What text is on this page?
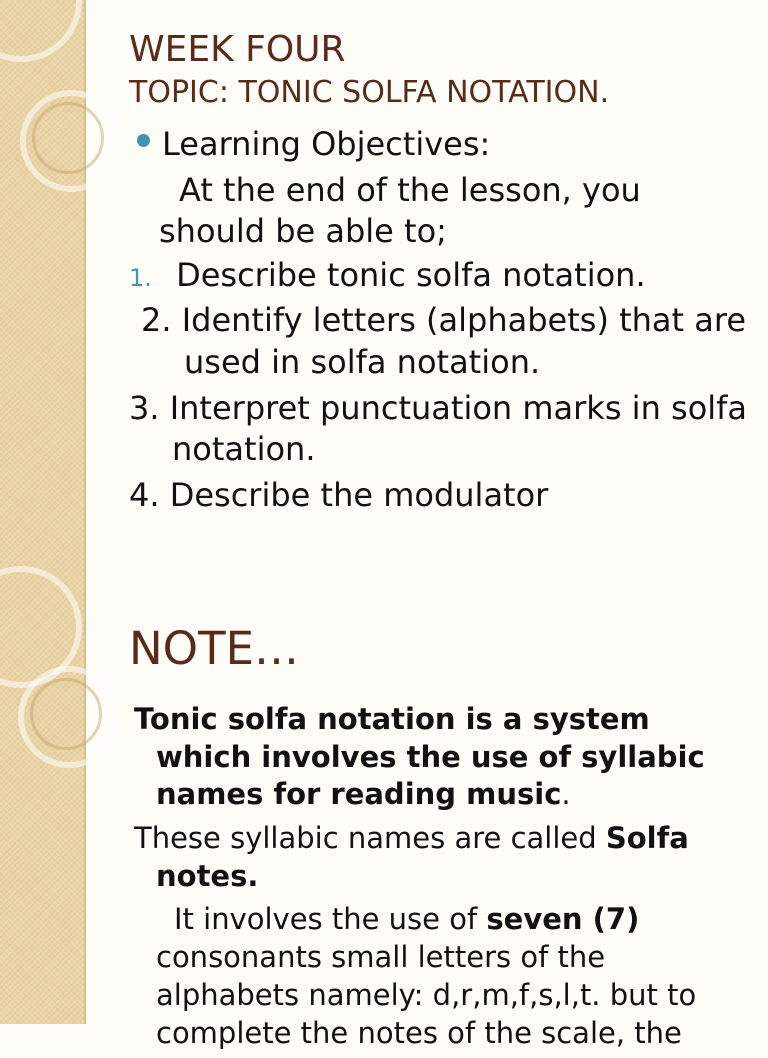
WEEK FOUR
TOPIC: TONIC SOLFA NOTATION.
Learning Objectives:
At the end of the lesson, you should be able to;
1. Describe tonic solfa notation.
2. Identify letters (alphabets) that are used in solfa notation.
3. Interpret punctuation marks in solfa notation.
4. Describe the modulator
NOTE…

Tonic solfa notation is a system which involves the use of syllabic names for reading music.

These syllabic names are called Solfa notes.

It involves the use of seven (7) consonants small letters of the alphabets namely: d,r,m,f,s,l,t. but to complete the notes of the scale, the
